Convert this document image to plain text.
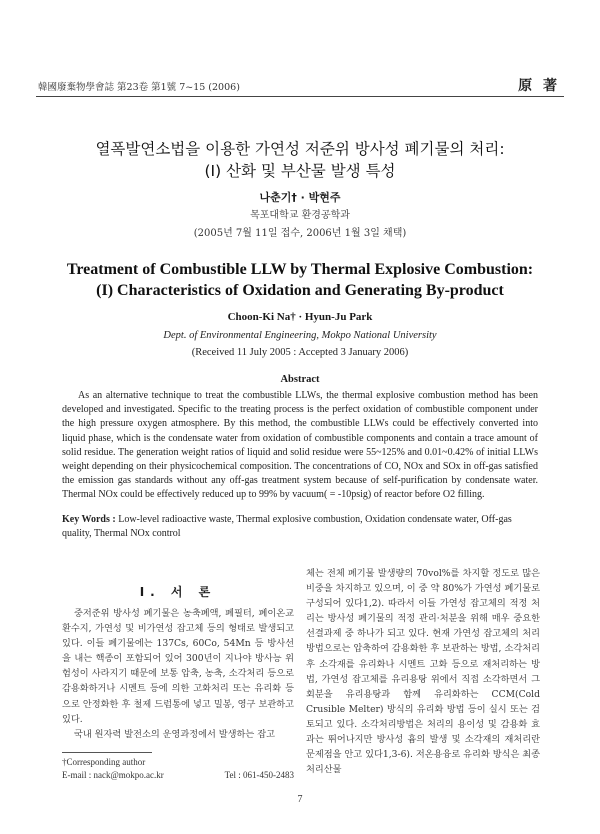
韓國廢棄物學會誌 第23卷 第1號 7~15 (2006)	原 著
열폭발연소법을 이용한 가연성 저준위 방사성 폐기물의 처리:
(I) 산화 및 부산물 발생 특성
나춘기† · 박현주
목포대학교 환경공학과
(2005년 7월 11일 접수, 2006년 1월 3일 채택)
Treatment of Combustible LLW by Thermal Explosive Combustion:
(I) Characteristics of Oxidation and Generating By-product
Choon-Ki Na† · Hyun-Ju Park
Dept. of Environmental Engineering, Mokpo National University
(Received 11 July 2005 : Accepted 3 January 2006)
Abstract

As an alternative technique to treat the combustible LLWs, the thermal explosive combustion method has been developed and investigated. Specific to the treating process is the perfect oxidation of combustible component under the high pressure oxygen atmosphere. By this method, the combustible LLWs could be effectively converted into liquid phase, which is the condensate water from oxidation of combustible components and contain a trace amount of solid residue. The generation weight ratios of liquid and solid residue were 55~125% and 0.01~0.42% of initial LLWs weight depending on their physicochemical composition. The concentrations of CO, NOx and SOx in off-gas satisfied the emission gas standards without any off-gas treatment system because of self-purification by condensate water. Thermal NOx could be effectively reduced up to 99% by vacuum( = -10psig) of reactor before O2 filling.

Key Words : Low-level radioactive waste, Thermal explosive combustion, Oxidation condensate water, Off-gas quality, Thermal NOx control

I. 서 론

중저준위 방사성 폐기물은 농축폐액, 폐필터, 폐이온교환수지, 가연성 및 비가연성 잡고체 등의 형태로 발생되고 있다. 이들 폐기물에는 137Cs, 60Co, 54Mn 등 방사선을 내는 핵종이 포함되어 있어 300년이 지나야 방사능 위험성이 사라지기 때문에 보통 압축, 농축, 소각처리 등으로 감용화하거나 시멘트 등에 의한 고화처리 또는 유리화 등으로 안정화한 후 철제 드럼통에 넣고 밀봉, 영구 보관하고 있다.

국내 원자력 발전소의 운영과정에서 발생하는 잡고

체는 전체 폐기물 발생량의 70vol%를 차지할 정도로 많은 비중을 차지하고 있으며, 이 중 약 80%가 가연성 폐기물로 구성되어 있다1,2). 따라서 이들 가연성 잡고체의 적정 처리는 방사성 폐기물의 적정 관리·처분을 위해 매우 중요한 선결과제 중 하나가 되고 있다. 현재 가연성 잡고체의 처리방법으로는 압축하여 감용화한 후 보관하는 방법, 소각처리 후 소각재를 유리화나 시멘트 고화 등으로 재처리하는 방법, 가연성 잡고체를 유리용탕 위에서 직접 소각하면서 그 회분을 유리용탕과 함께 유리화하는 CCM(Cold Crusible Melter) 방식의 유리화 방법 등이 실시 또는 검토되고 있다. 소각처리방법은 처리의 용이성 및 감용화 효과는 뛰어나지만 방사성 흄의 발생 및 소각재의 재처리란 문제점을 안고 있다1,3-6). 저온용융로 유리화 방식은 최종 처리산물

†Corresponding author
E-mail : nack@mokpo.ac.kr	Tel : 061-450-2483
7
